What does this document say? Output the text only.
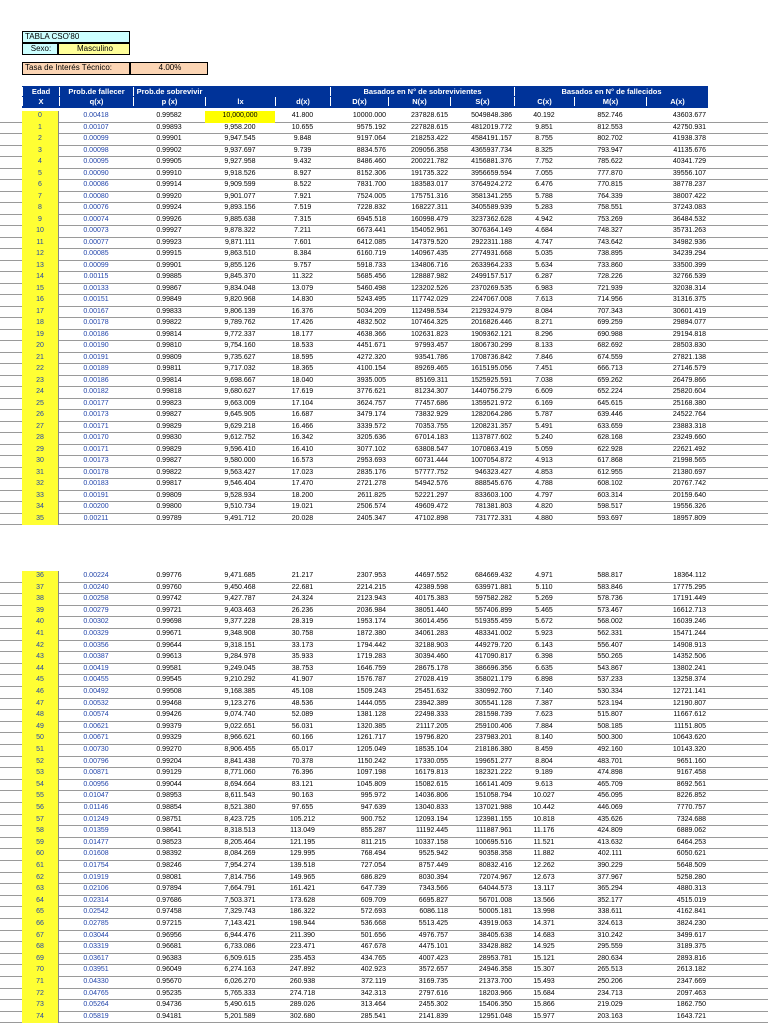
TABLA CSO'80
Sexo:	Masculino
Tasa de Interés Técnico:	4.00%
Edad
X
Prob.de fallecer
q(x)
Prob.de sobrevivir
p (x)	lx	d(x)
Basados en N° de sobrevivientes
D(x)	N(x)	S(x)
Basados en N° de fallecidos
C(x)	M(x)	A(x)
0	0.00418	0.99582	10,000,000	41.800	10000.000	237828.615	5049848.386	40.192	852.746	43603.677
1	0.00107	0.99893	9,958.200	10.655	9575.192	227828.615	4812019.772	9.851	812.553	42750.931
2	0.00099	0.99901	9,947.545	9.848	9197.064	218253.422	4584191.157	8.755	802.702	41938.378
3	0.00098	0.99902	9,937.697	9.739	8834.576	209056.358	4365937.734	8.325	793.947	41135.676
4	0.00095	0.99905	9,927.958	9.432	8486.460	200221.782	4156881.376	7.752	785.622	40341.729
5	0.00090	0.99910	9,918.526	8.927	8152.306	191735.322	3956659.594	7.055	777.870	39556.107
6	0.00086	0.99914	9,909.599	8.522	7831.700	183583.017	3764924.272	6.476	770.815	38778.237
7	0.00080	0.99920	9,901.077	7.921	7524.005	175751.316	3581341.255	5.788	764.339	38007.422
8	0.00076	0.99924	9,893.156	7.519	7228.832	168227.311	3405589.939	5.283	758.551	37243.083
9	0.00074	0.99926	9,885.638	7.315	6945.518	160998.479	3237362.628	4.942	753.269	36484.532
10	0.00073	0.99927	9,878.322	7.211	6673.441	154052.961	3076364.149	4.684	748.327	35731.263
11	0.00077	0.99923	9,871.111	7.601	6412.085	147379.520	2922311.188	4.747	743.642	34982.936
12	0.00085	0.99915	9,863.510	8.384	6160.719	140967.435	2774931.668	5.035	738.895	34239.294
13	0.00099	0.99901	9,855.126	9.757	5918.733	134806.716	2633964.233	5.634	733.860	33500.399
14	0.00115	0.99885	9,845.370	11.322	5685.456	128887.982	2499157.517	6.287	728.226	32766.539
15	0.00133	0.99867	9,834.048	13.079	5460.498	123202.526	2370269.535	6.983	721.939	32038.314
16	0.00151	0.99849	9,820.968	14.830	5243.495	117742.029	2247067.008	7.613	714.956	31316.375
17	0.00167	0.99833	9,806.139	16.376	5034.209	112498.534	2129324.979	8.084	707.343	30601.419
18	0.00178	0.99822	9,789.762	17.426	4832.502	107464.325	2016826.446	8.271	699.259	29894.077
19	0.00186	0.99814	9,772.337	18.177	4638.366	102631.823	1909362.121	8.296	690.988	29194.818
20	0.00190	0.99810	9,754.160	18.533	4451.671	97993.457	1806730.299	8.133	682.692	28503.830
21	0.00191	0.99809	9,735.627	18.595	4272.320	93541.786	1708736.842	7.846	674.559	27821.138
22	0.00189	0.99811	9,717.032	18.365	4100.154	89269.465	1615195.056	7.451	666.713	27146.579
23	0.00186	0.99814	9,698.667	18.040	3935.005	85169.311	1525925.591	7.038	659.262	26479.866
24	0.00182	0.99818	9,680.627	17.619	3776.621	81234.307	1440756.279	6.609	652.224	25820.604
25	0.00177	0.99823	9,663.009	17.104	3624.757	77457.686	1359521.972	6.169	645.615	25168.380
26	0.00173	0.99827	9,645.905	16.687	3479.174	73832.929	1282064.286	5.787	639.446	24522.764
27	0.00171	0.99829	9,629.218	16.466	3339.572	70353.755	1208231.357	5.491	633.659	23883.318
28	0.00170	0.99830	9,612.752	16.342	3205.636	67014.183	1137877.602	5.240	628.168	23249.660
29	0.00171	0.99829	9,596.410	16.410	3077.102	63808.547	1070863.419	5.059	622.928	22621.492
30	0.00173	0.99827	9,580.000	16.573	2953.693	60731.444	1007054.872	4.913	617.868	21998.565
31	0.00178	0.99822	9,563.427	17.023	2835.176	57777.752	946323.427	4.853	612.955	21380.697
32	0.00183	0.99817	9,546.404	17.470	2721.278	54942.576	888545.676	4.788	608.102	20767.742
33	0.00191	0.99809	9,528.934	18.200	2611.825	52221.297	833603.100	4.797	603.314	20159.640
34	0.00200	0.99800	9,510.734	19.021	2506.574	49609.472	781381.803	4.820	598.517	19556.326
35	0.00211	0.99789	9,491.712	20.028	2405.347	47102.898	731772.331	4.880	593.697	18957.809
36	0.00224	0.99776	9,471.685	21.217	2307.953	44697.552	684669.432	4.971	588.817	18364.112
37	0.00240	0.99760	9,450.468	22.681	2214.215	42389.598	639971.881	5.110	583.846	17775.295
38	0.00258	0.99742	9,427.787	24.324	2123.943	40175.383	597582.282	5.269	578.736	17191.449
39	0.00279	0.99721	9,403.463	26.236	2036.984	38051.440	557406.899	5.465	573.467	16612.713
40	0.00302	0.99698	9,377.228	28.319	1953.174	36014.456	519355.459	5.672	568.002	16039.246
41	0.00329	0.99671	9,348.908	30.758	1872.380	34061.283	483341.002	5.923	562.331	15471.244
42	0.00356	0.99644	9,318.151	33.173	1794.442	32188.903	449279.720	6.143	556.407	14908.913
43	0.00387	0.99613	9,284.978	35.933	1719.283	30394.460	417090.817	6.398	550.265	14352.506
44	0.00419	0.99581	9,249.045	38.753	1646.759	28675.178	386696.356	6.635	543.867	13802.241
45	0.00455	0.99545	9,210.292	41.907	1576.787	27028.419	358021.179	6.898	537.233	13258.374
46	0.00492	0.99508	9,168.385	45.108	1509.243	25451.632	330992.760	7.140	530.334	12721.141
47	0.00532	0.99468	9,123.276	48.536	1444.055	23942.389	305541.128	7.387	523.194	12190.807
48	0.00574	0.99426	9,074.740	52.089	1381.128	22498.333	281598.739	7.623	515.807	11667.612
49	0.00621	0.99379	9,022.651	56.031	1320.385	21117.205	259100.406	7.884	508.185	11151.805
50	0.00671	0.99329	8,966.621	60.166	1261.717	19796.820	237983.201	8.140	500.300	10643.620
51	0.00730	0.99270	8,906.455	65.017	1205.049	18535.104	218186.380	8.459	492.160	10143.320
52	0.00796	0.99204	8,841.438	70.378	1150.242	17330.055	199651.277	8.804	483.701	9651.160
53	0.00871	0.99129	8,771.060	76.396	1097.198	16179.813	182321.222	9.189	474.898	9167.458
54	0.00956	0.99044	8,694.664	83.121	1045.809	15082.615	166141.409	9.613	465.709	8692.561
55	0.01047	0.98953	8,611.543	90.163	995.972	14036.806	151058.794	10.027	456.095	8226.852
56	0.01146	0.98854	8,521.380	97.655	947.639	13040.833	137021.988	10.442	446.069	7770.757
57	0.01249	0.98751	8,423.725	105.212	900.752	12093.194	123981.155	10.818	435.626	7324.688
58	0.01359	0.98641	8,318.513	113.049	855.287	11192.445	111887.961	11.176	424.809	6889.062
59	0.01477	0.98523	8,205.464	121.195	811.215	10337.158	100695.516	11.521	413.632	6464.253
60	0.01608	0.98392	8,084.269	129.995	768.494	9525.942	90358.358	11.882	402.111	6050.621
61	0.01754	0.98246	7,954.274	139.518	727.054	8757.449	80832.416	12.262	390.229	5648.509
62	0.01919	0.98081	7,814.756	149.965	686.829	8030.394	72074.967	12.673	377.967	5258.280
63	0.02106	0.97894	7,664.791	161.421	647.739	7343.566	64044.573	13.117	365.294	4880.313
64	0.02314	0.97686	7,503.371	173.628	609.709	6695.827	56701.008	13.566	352.177	4515.019
65	0.02542	0.97458	7,329.743	186.322	572.693	6086.118	50005.181	13.998	338.611	4162.841
66	0.02785	0.97215	7,143.421	198.944	536.668	5513.425	43919.063	14.371	324.613	3824.230
67	0.03044	0.96956	6,944.476	211.390	501.656	4976.757	38405.638	14.683	310.242	3499.617
68	0.03319	0.96681	6,733.086	223.471	467.678	4475.101	33428.882	14.925	295.559	3189.375
69	0.03617	0.96383	6,509.615	235.453	434.765	4007.423	28953.781	15.121	280.634	2893.816
70	0.03951	0.96049	6,274.163	247.892	402.923	3572.657	24946.358	15.307	265.513	2613.182
71	0.04330	0.95670	6,026.270	260.938	372.119	3169.735	21373.700	15.493	250.206	2347.669
72	0.04765	0.95235	5,765.333	274.718	342.313	2797.616	18203.966	15.684	234.713	2097.463
73	0.05264	0.94736	5,490.615	289.026	313.464	2455.302	15406.350	15.866	219.029	1862.750
74	0.05819	0.94181	5,201.589	302.680	285.541	2141.839	12951.048	15.977	203.163	1643.721
